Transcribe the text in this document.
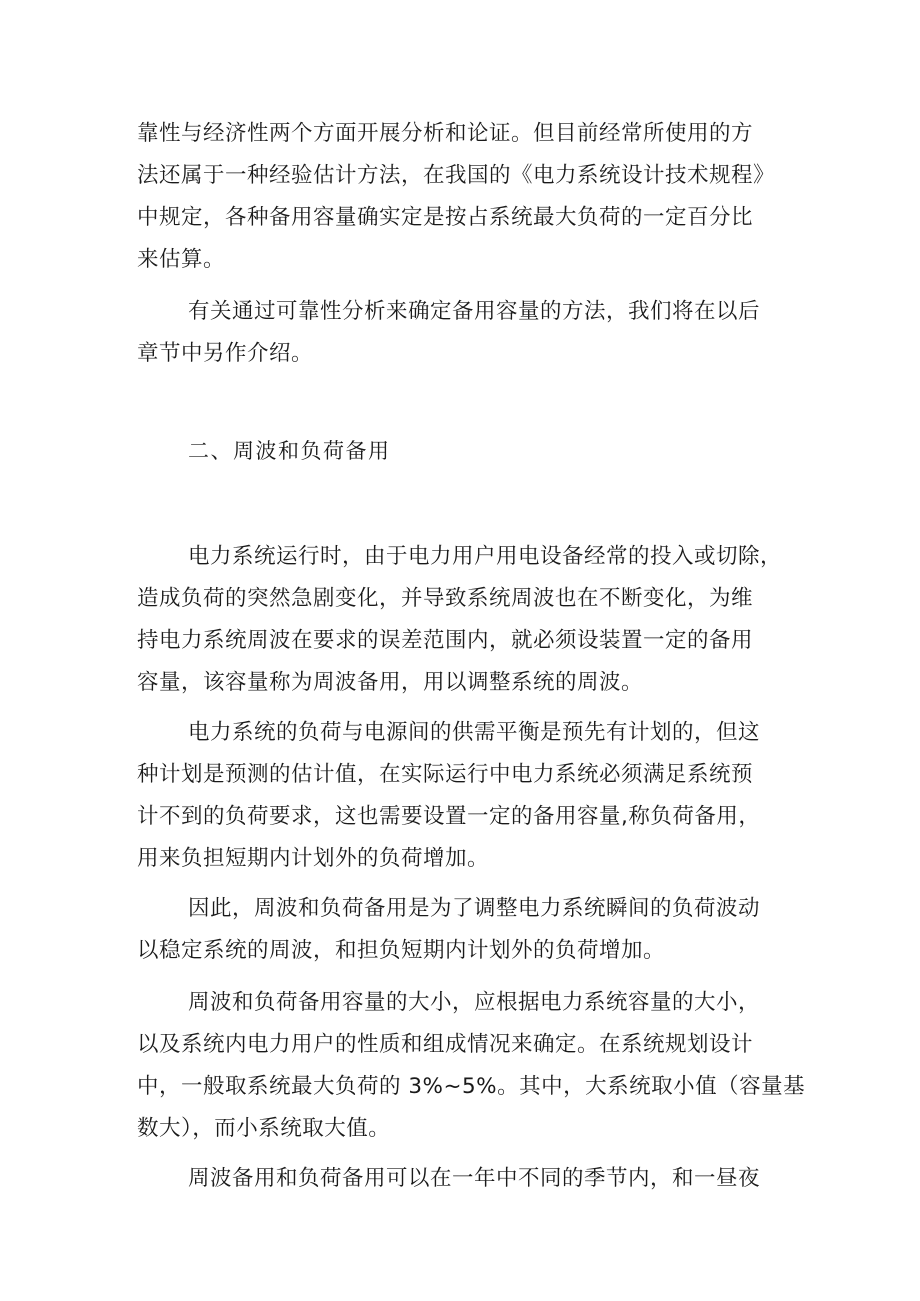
靠性与经济性两个方面开展分析和论证。但目前经常所使用的方

法还属于一种经验估计方法，在我国的《电力系统设计技术规程》

中规定，各种备用容量确实定是按占系统最大负荷的一定百分比

来估算。

有关通过可靠性分析来确定备用容量的方法，我们将在以后

章节中另作介绍。

二、周波和负荷备用

电力系统运行时，由于电力用户用电设备经常的投入或切除，

造成负荷的突然急剧变化，并导致系统周波也在不断变化，为维

持电力系统周波在要求的误差范围内，就必须设装置一定的备用

容量，该容量称为周波备用，用以调整系统的周波。

电力系统的负荷与电源间的供需平衡是预先有计划的，但这

种计划是预测的估计值，在实际运行中电力系统必须满足系统预

计不到的负荷要求，这也需要设置一定的备用容量,称负荷备用，

用来负担短期内计划外的负荷增加。

因此，周波和负荷备用是为了调整电力系统瞬间的负荷波动

以稳定系统的周波，和担负短期内计划外的负荷增加。

周波和负荷备用容量的大小，应根据电力系统容量的大小，

以及系统内电力用户的性质和组成情况来确定。在系统规划设计

中，一般取系统最大负荷的 3%~5%。其中，大系统取小值（容量基

数大），而小系统取大值。

周波备用和负荷备用可以在一年中不同的季节内，和一昼夜
